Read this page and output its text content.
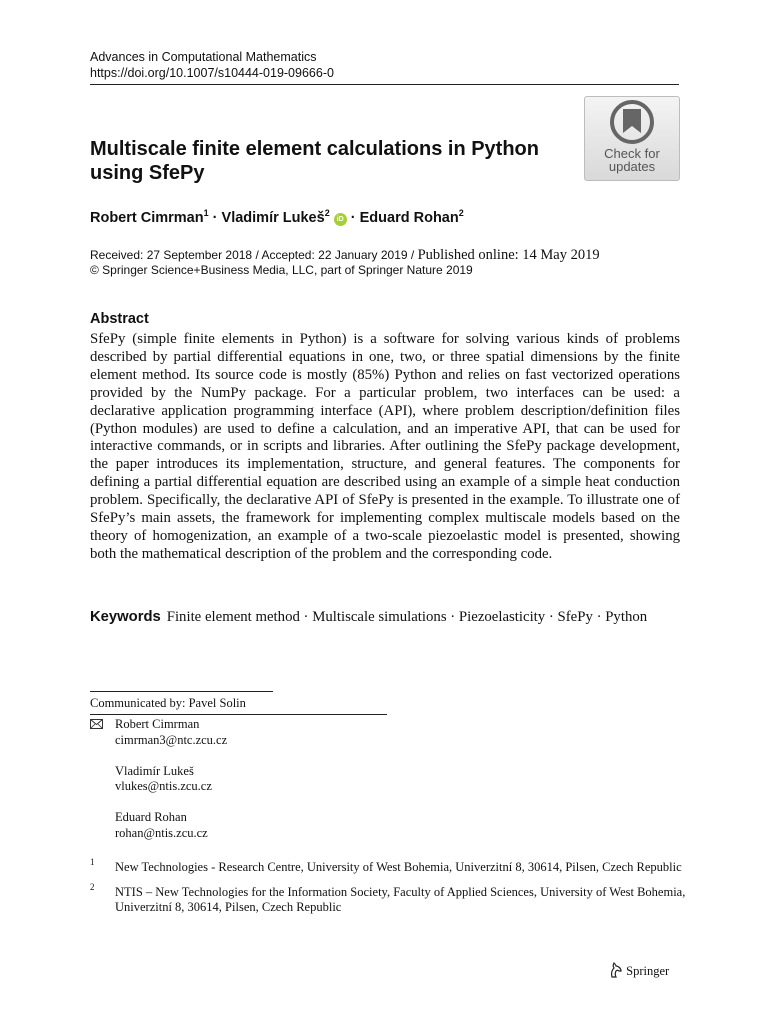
Advances in Computational Mathematics
https://doi.org/10.1007/s10444-019-09666-0
Multiscale finite element calculations in Python using SfePy
Check for
updates
Robert Cimrman$^1$ · Vladimír Lukeš$^2$ iD · Eduard Rohan$^2$
Received: 27 September 2018 / Accepted: 22 January 2019 / Published online: 14 May 2019
© Springer Science+Business Media, LLC, part of Springer Nature 2019
Abstract
SfePy (simple finite elements in Python) is a software for solving various kinds of problems described by partial differential equations in one, two, or three spatial dimensions by the finite element method. Its source code is mostly (85%) Python and relies on fast vectorized operations provided by the NumPy package. For a particular problem, two interfaces can be used: a declarative application programming interface (API), where problem description/definition files (Python modules) are used to define a calculation, and an imperative API, that can be used for interactive commands, or in scripts and libraries. After outlining the SfePy package development, the paper introduces its implementation, structure, and general features. The components for defining a partial differential equation are described using an example of a simple heat conduction problem. Specifically, the declarative API of SfePy is presented in the example. To illustrate one of SfePy’s main assets, the framework for implementing complex multiscale models based on the theory of homogenization, an example of a two-scale piezoelastic model is presented, showing both the mathematical description of the problem and the corresponding code.
Keywords Finite element method · Multiscale simulations · Piezoelasticity · SfePy · Python
Communicated by: Pavel Solin
Robert Cimrman
cimrman3@ntc.zcu.cz
Vladimír Lukeš
vlukes@ntis.zcu.cz
Eduard Rohan
rohan@ntis.zcu.cz
1 New Technologies - Research Centre, University of West Bohemia, Univerzitní 8, 30614, Pilsen, Czech Republic
2 NTIS – New Technologies for the Information Society, Faculty of Applied Sciences, University of West Bohemia, Univerzitní 8, 30614, Pilsen, Czech Republic
Springer
